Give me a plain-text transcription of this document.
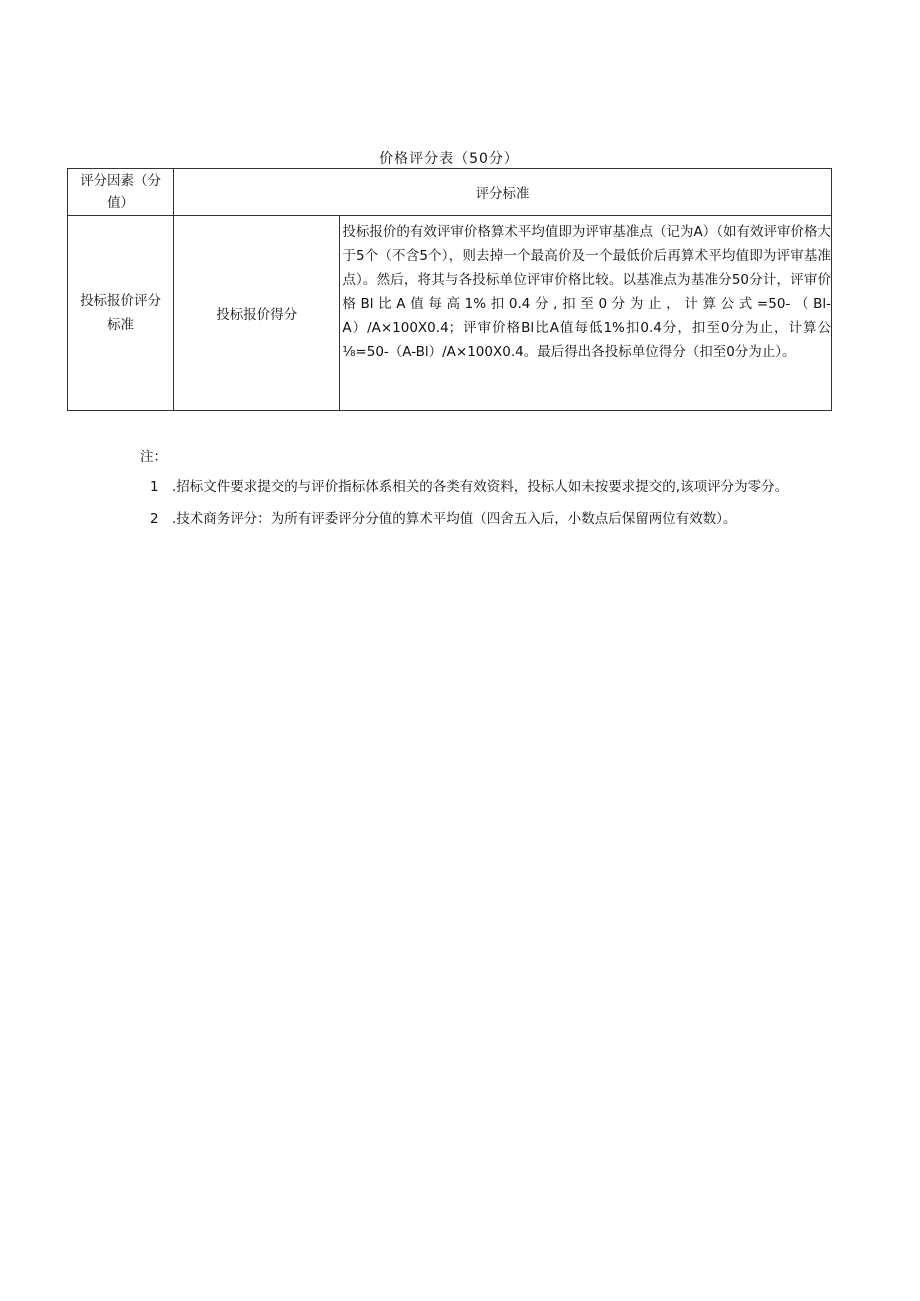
价格评分表（50分）
评分因素（分值）	评分标准	
投标报价评分标准	投标报价得分	投标报价的有效评审价格算术平均值即为评审基准点（记为A）（如有效评审价格大于5个（不含5个），则去掉一个最高价及一个最低价后再算术平均值即为评审基准点）。然后，将其与各投标单位评审价格比较。以基准点为基准分50分计，评审价格Bl比A值每高1%扣0.4分,扣至0分为止，计算公式=50-（Bl-A）/A×100X0.4；评审价格Bl比A值每低1%扣0.4分，扣至0分为止，计算公⅛=50-（A-Bl）/A×100X0.4。最后得出各投标单位得分（扣至0分为止）。
注：
1 .招标文件要求提交的与评价指标体系相关的各类有效资料，投标人如未按要求提交的,该项评分为零分。
2 .技术商务评分：为所有评委评分分值的算术平均值（四舍五入后，小数点后保留两位有效数）。
